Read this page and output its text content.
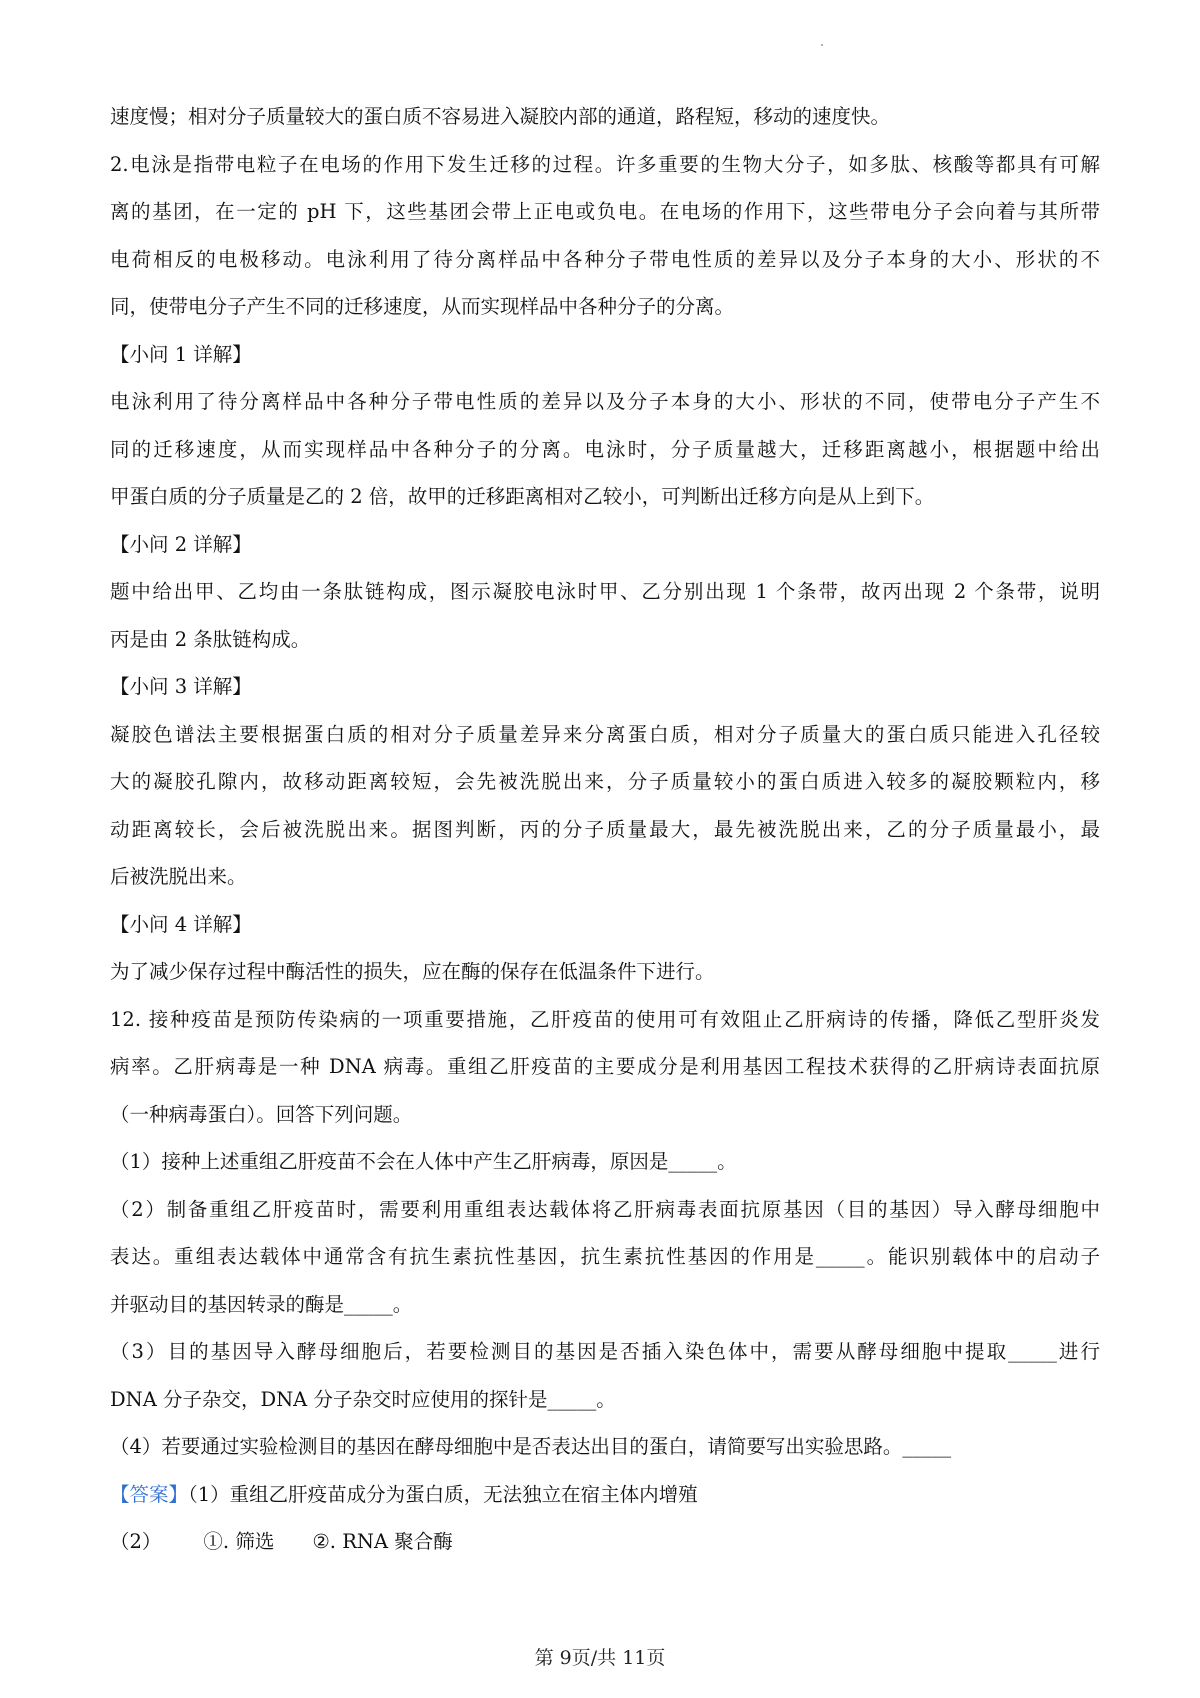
速度慢；相对分子质量较大的蛋白质不容易进入凝胶内部的通道，路程短，移动的速度快。
2.电泳是指带电粒子在电场的作用下发生迁移的过程。许多重要的生物大分子，如多肽、核酸等都具有可解
离的基团，在一定的 pH 下，这些基团会带上正电或负电。在电场的作用下，这些带电分子会向着与其所带
电荷相反的电极移动。电泳利用了待分离样品中各种分子带电性质的差异以及分子本身的大小、形状的不
同，使带电分子产生不同的迁移速度，从而实现样品中各种分子的分离。
【小问 1 详解】
电泳利用了待分离样品中各种分子带电性质的差异以及分子本身的大小、形状的不同，使带电分子产生不
同的迁移速度，从而实现样品中各种分子的分离。电泳时，分子质量越大，迁移距离越小，根据题中给出
甲蛋白质的分子质量是乙的 2 倍，故甲的迁移距离相对乙较小，可判断出迁移方向是从上到下。
【小问 2 详解】
题中给出甲、乙均由一条肽链构成，图示凝胶电泳时甲、乙分别出现 1 个条带，故丙出现 2 个条带，说明
丙是由 2 条肽链构成。
【小问 3 详解】
凝胶色谱法主要根据蛋白质的相对分子质量差异来分离蛋白质，相对分子质量大的蛋白质只能进入孔径较
大的凝胶孔隙内，故移动距离较短，会先被洗脱出来，分子质量较小的蛋白质进入较多的凝胶颗粒内，移
动距离较长，会后被洗脱出来。据图判断，丙的分子质量最大，最先被洗脱出来，乙的分子质量最小，最
后被洗脱出来。
【小问 4 详解】
为了减少保存过程中酶活性的损失，应在酶的保存在低温条件下进行。
12. 接种疫苗是预防传染病的一项重要措施，乙肝疫苗的使用可有效阻止乙肝病诗的传播，降低乙型肝炎发
病率。乙肝病毒是一种 DNA 病毒。重组乙肝疫苗的主要成分是利用基因工程技术获得的乙肝病诗表面抗原
（一种病毒蛋白）。回答下列问题。
（1）接种上述重组乙肝疫苗不会在人体中产生乙肝病毒，原因是_____。
（2）制备重组乙肝疫苗时，需要利用重组表达载体将乙肝病毒表面抗原基因（目的基因）导入酵母细胞中
表达。重组表达载体中通常含有抗生素抗性基因，抗生素抗性基因的作用是_____。能识别载体中的启动子
并驱动目的基因转录的酶是_____。
（3）目的基因导入酵母细胞后，若要检测目的基因是否插入染色体中，需要从酵母细胞中提取_____进行
DNA 分子杂交，DNA 分子杂交时应使用的探针是_____。
（4）若要通过实验检测目的基因在酵母细胞中是否表达出目的蛋白，请简要写出实验思路。_____
【答案】（1）重组乙肝疫苗成分为蛋白质，无法独立在宿主体内增殖
（2） ①. 筛选 ②. RNA 聚合酶
第 9页/共 11页
